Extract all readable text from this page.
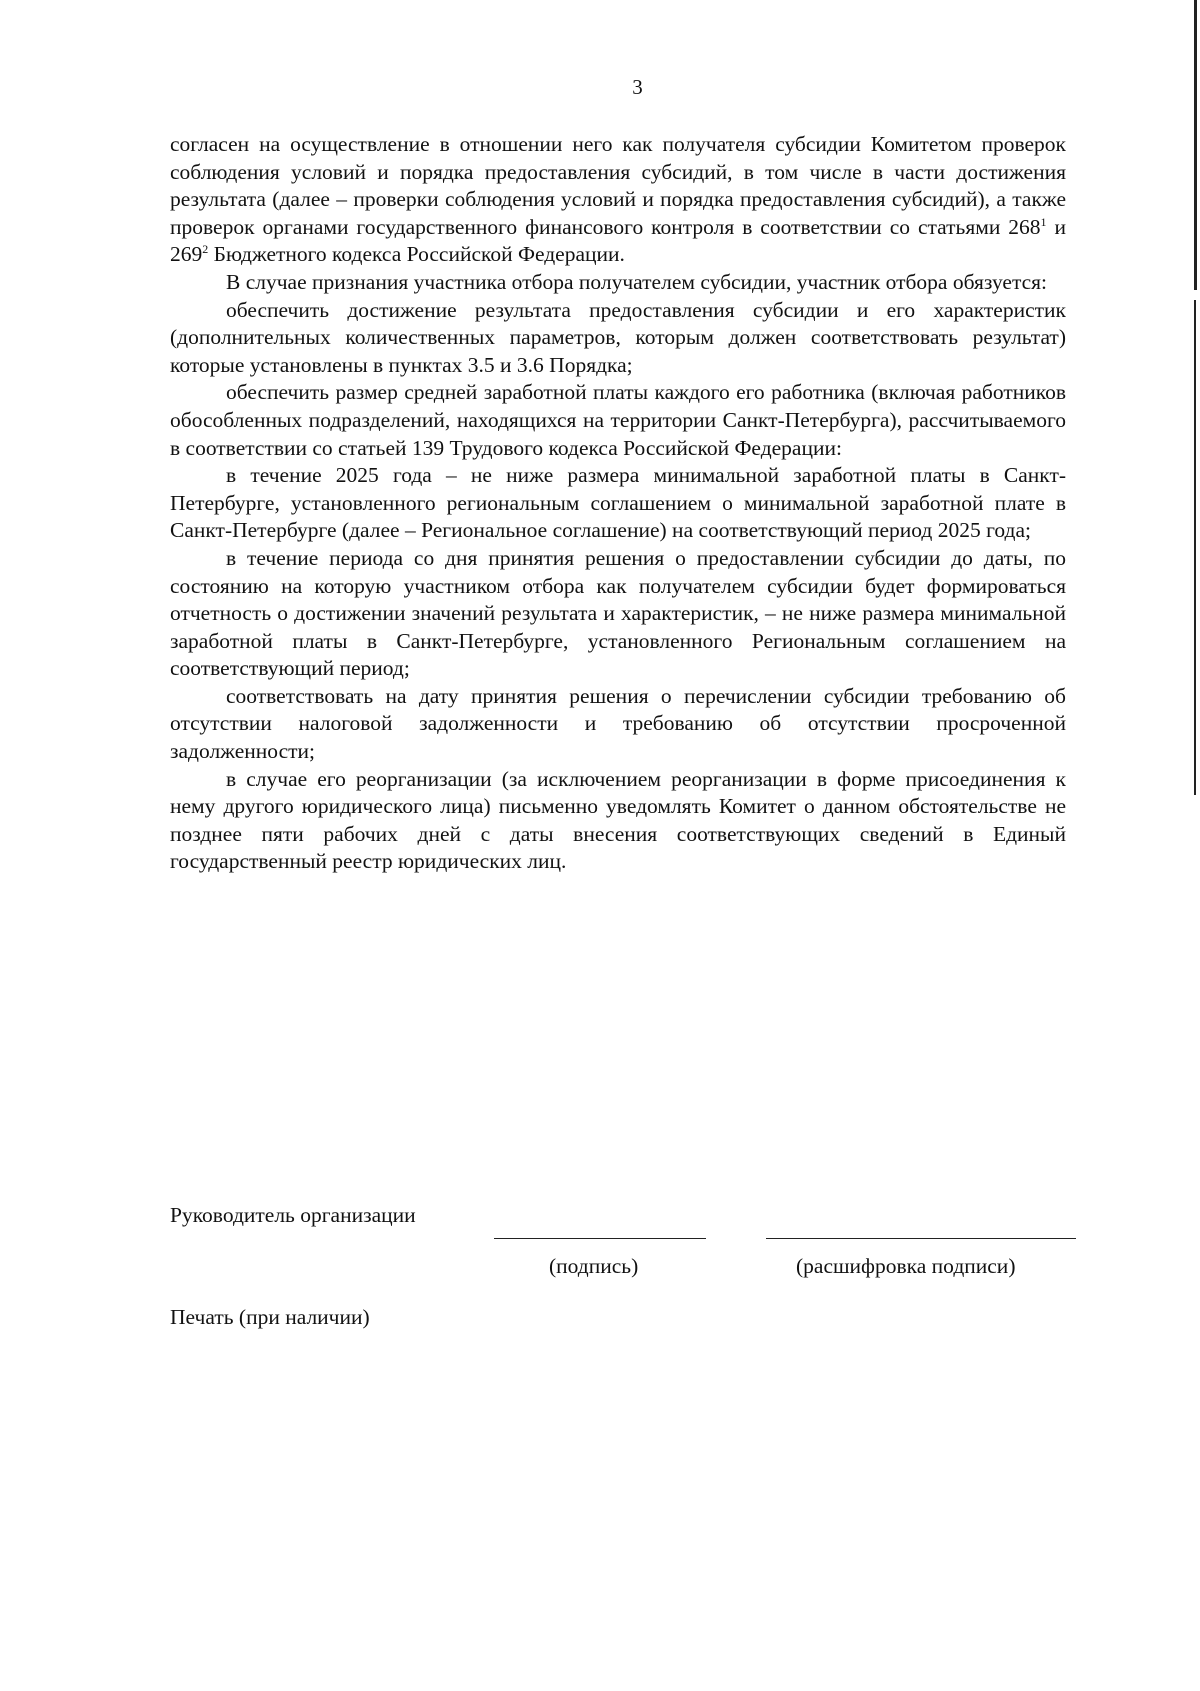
3

согласен на осуществление в отношении него как получателя субсидии Комитетом проверок соблюдения условий и порядка предоставления субсидий, в том числе в части достижения результата (далее – проверки соблюдения условий и порядка предоставления субсидий), а также проверок органами государственного финансового контроля в соответствии со статьями $268^1$ и $269^2$ Бюджетного кодекса Российской Федерации.

В случае признания участника отбора получателем субсидии, участник отбора обязуется:

обеспечить достижение результата предоставления субсидии и его характеристик (дополнительных количественных параметров, которым должен соответствовать результат) которые установлены в пунктах 3.5 и 3.6 Порядка;

обеспечить размер средней заработной платы каждого его работника (включая работников обособленных подразделений, находящихся на территории Санкт-Петербурга), рассчитываемого в соответствии со статьей 139 Трудового кодекса Российской Федерации:

в течение 2025 года – не ниже размера минимальной заработной платы в Санкт-Петербурге, установленного региональным соглашением о минимальной заработной плате в Санкт-Петербурге (далее – Региональное соглашение) на соответствующий период 2025 года;

в течение периода со дня принятия решения о предоставлении субсидии до даты, по состоянию на которую участником отбора как получателем субсидии будет формироваться отчетность о достижении значений результата и характеристик, – не ниже размера минимальной заработной платы в Санкт-Петербурге, установленного Региональным соглашением на соответствующий период;

соответствовать на дату принятия решения о перечислении субсидии требованию об отсутствии налоговой задолженности и требованию об отсутствии просроченной задолженности;

в случае его реорганизации (за исключением реорганизации в форме присоединения к нему другого юридического лица) письменно уведомлять Комитет о данном обстоятельстве не позднее пяти рабочих дней с даты внесения соответствующих сведений в Единый государственный реестр юридических лиц.

Руководитель организации
(подпись)	(расшифровка подписи)
Печать (при наличии)
